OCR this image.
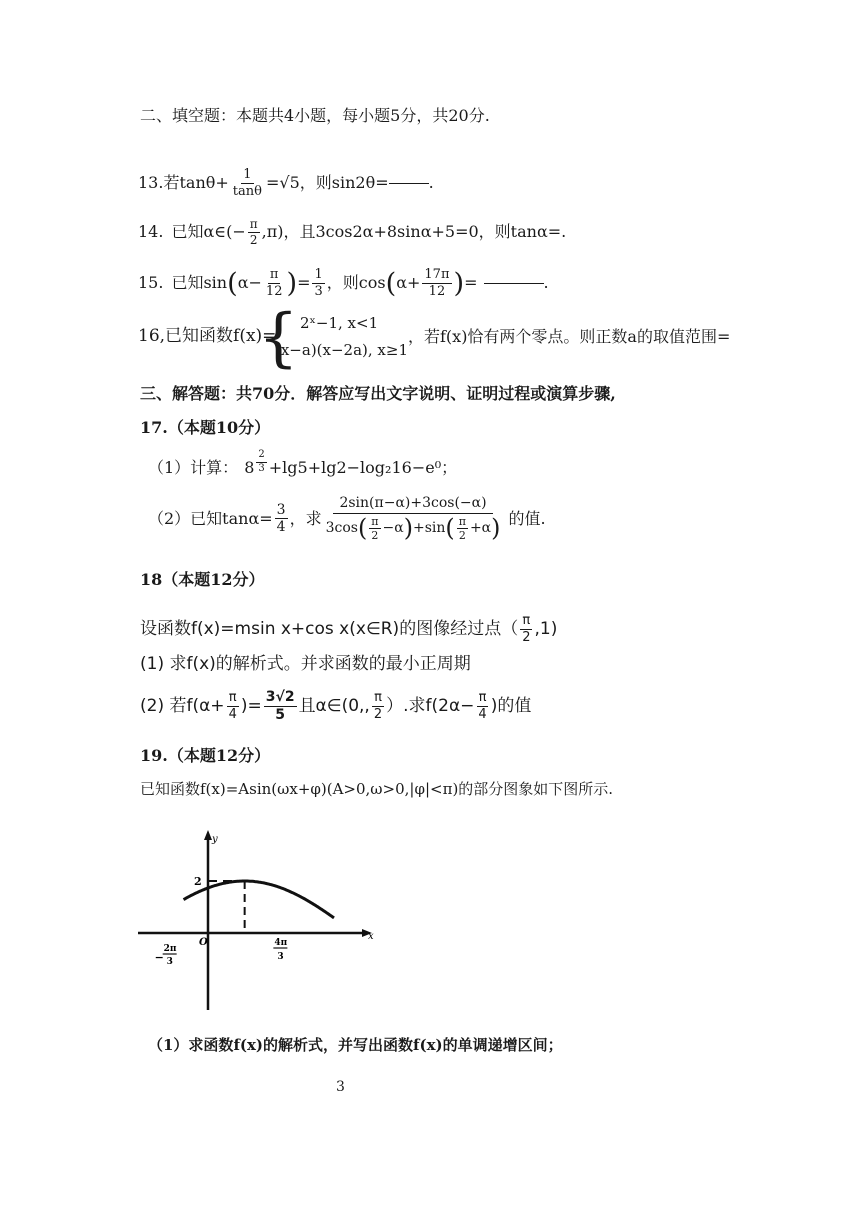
二、填空题：本题共4小题，每小题5分，共20分.
13. 若 $\tan\theta+ \frac{1}{\tan\theta} =√5$，则sin2θ=	.
14. 已知α∈(− $\frac{\pi}{2} ,\pi$)，且3cos2α+8sinα+5=0，则tanα=.
15. 已知sin ( $\alpha- \frac{\pi}{12}$ ) = $\frac{1}{3}$ ，则cos ( $\alpha+ \frac{17\pi}{12}$ ) =	.
16,已知函数f(x)=
{ 2ˣ−1, x<1
(x−a)(x−2a), x≥1
，若f(x)恰有两个零点。则正数a的取值范围=
三、解答题：共70分．解答应写出文字说明、证明过程或演算步骤,
17.（本题10分）
（1）计算： $8 \frac{2}{3} +\lg 5+\lg 2-\log_216-e^0$；
（2）已知$\tan\alpha= \frac{3}{4}$ ，求
2sin(π−α)+3cos(−α)
3cos ( $\frac{\pi}{2} -\alpha$ ) +sin ( $\frac{\pi}{2} +\alpha$ ) 的值.
18（本题12分）
设函数f(x)=msin x+cos x(x∈R)的图像经过点（ $\frac{\pi}{2} ,1$)
(1) 求f(x)的解析式。并求函数的最小正周期
(2) 若$f(\alpha+ \frac{\pi}{4}$ )= $\frac{3√2}{5}$ 且α∈(0,, $\frac{\pi}{2}$ ）.求$f(2\alpha- \frac{\pi}{4}$ )的值
19.（本题12分）
已知函数f(x)=Asin(ωx+φ)(A>0,ω>0,|φ|<π)的部分图象如下图所示.
y
x
O
2
−
2π
3
4π
3
（1）求函数f(x)的解析式，并写出函数f(x)的单调递增区间；
3
